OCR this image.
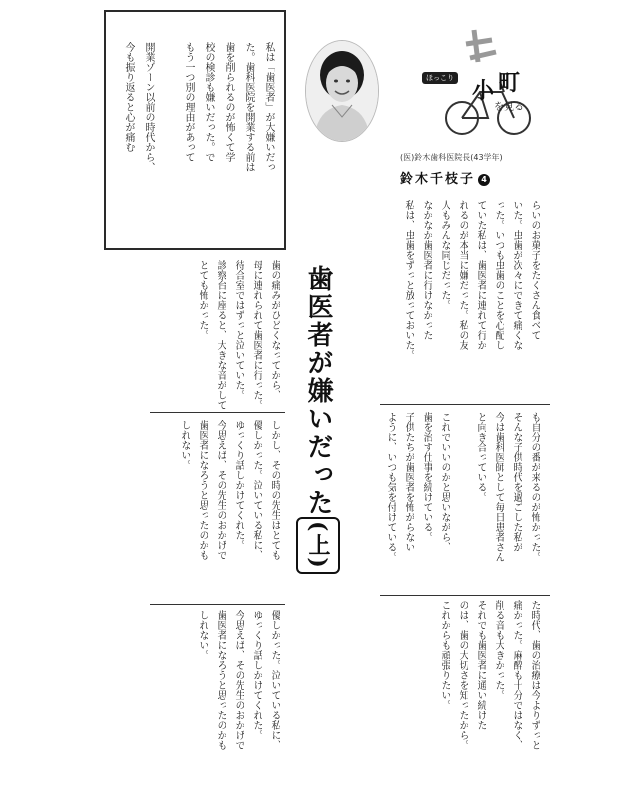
私は「歯医者」が大嫌いだっ
た。歯科医院を開業する前は
歯を削られるのが怖くて学
校の検診も嫌いだった。で
もう一つ別の理由があって
開業ゾーン以前の時代から、
今も振り返ると心が痛む	ほっこり 小 町
を見る
(医)鈴木歯科医院長(43学年)
鈴木千枝子 4
歯医者が嫌いだった(上)
らいのお菓子をたくさん食べて
いた。虫歯が次々にできて痛くな
った。いつも虫歯のことを心配し
ていた私は、歯医者に連れて行か
れるのが本当に嫌だった。私の友
人もみんな同じだった。
なかなか歯医者に行けなかった
私は、虫歯をずっと放っておいた。
も自分の番が来るのが怖かった。
そんな子供時代を過ごした私が
今は歯科医師として毎日患者さん
と向き合っている。
これでいいのかと思いながら、
歯を治す仕事を続けている。
子供たちが歯医者を怖がらない
ように、いつも気を付けている。
た時代、歯の治療は今よりずっと
痛かった。麻酔も十分ではなく、
削る音も大きかった。
それでも歯医者に通い続けた
のは、歯の大切さを知ったから。
これからも頑張りたい。
歯の痛みがひどくなってから、
母に連れられて歯医者に行った。
待合室ではずっと泣いていた。
診察台に座ると、大きな音がして
とても怖かった。
しかし、その時の先生はとても
優しかった。泣いている私に、
ゆっくり話しかけてくれた。
今思えば、その先生のおかげで
歯医者になろうと思ったのかも
しれない。
優しかった。泣いている私に、
ゆっくり話しかけてくれた。
今思えば、その先生のおかげで
歯医者になろうと思ったのかも
しれない。
